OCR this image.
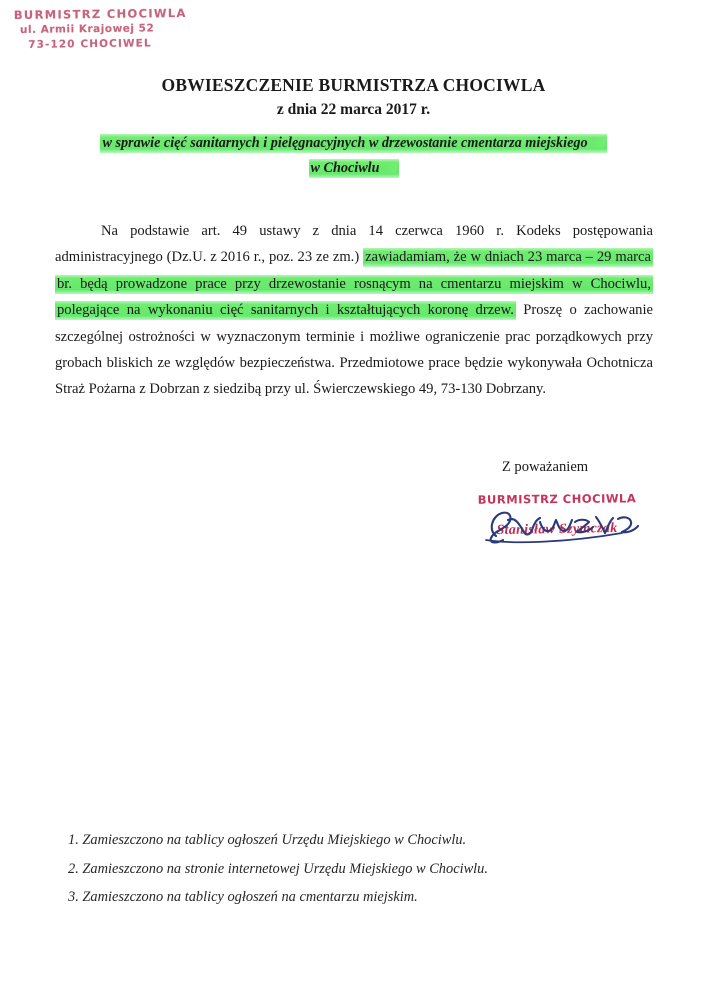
BURMISTRZ CHOCIWLA
ul. Armii Krajowej 52
73-120 CHOCIWEL
OBWIESZCZENIE BURMISTRZA CHOCIWLA
z dnia 22 marca 2017 r.
w sprawie cięć sanitarnych i pielęgnacyjnych w drzewostanie cmentarza miejskiego
w Chociwlu

Na podstawie art. 49 ustawy z dnia 14 czerwca 1960 r. Kodeks postępowania administracyjnego (Dz.U. z 2016 r., poz. 23 ze zm.) zawiadamiam, że w dniach 23 marca – 29 marca br. będą prowadzone prace przy drzewostanie rosnącym na cmentarzu miejskim w Chociwlu, polegające na wykonaniu cięć sanitarnych i kształtujących koronę drzew. Proszę o zachowanie szczególnej ostrożności w wyznaczonym terminie i możliwe ograniczenie prac porządkowych przy grobach bliskich ze względów bezpieczeństwa. Przedmiotowe prace będzie wykonywała Ochotnicza Straż Pożarna z Dobrzan z siedzibą przy ul. Świerczewskiego 49, 73-130 Dobrzany.

Z poważaniem
BURMISTRZ CHOCIWLA
Stanisław Szymczak
1. Zamieszczono na tablicy ogłoszeń Urzędu Miejskiego w Chociwlu.
2. Zamieszczono na stronie internetowej Urzędu Miejskiego w Chociwlu.
3. Zamieszczono na tablicy ogłoszeń na cmentarzu miejskim.
